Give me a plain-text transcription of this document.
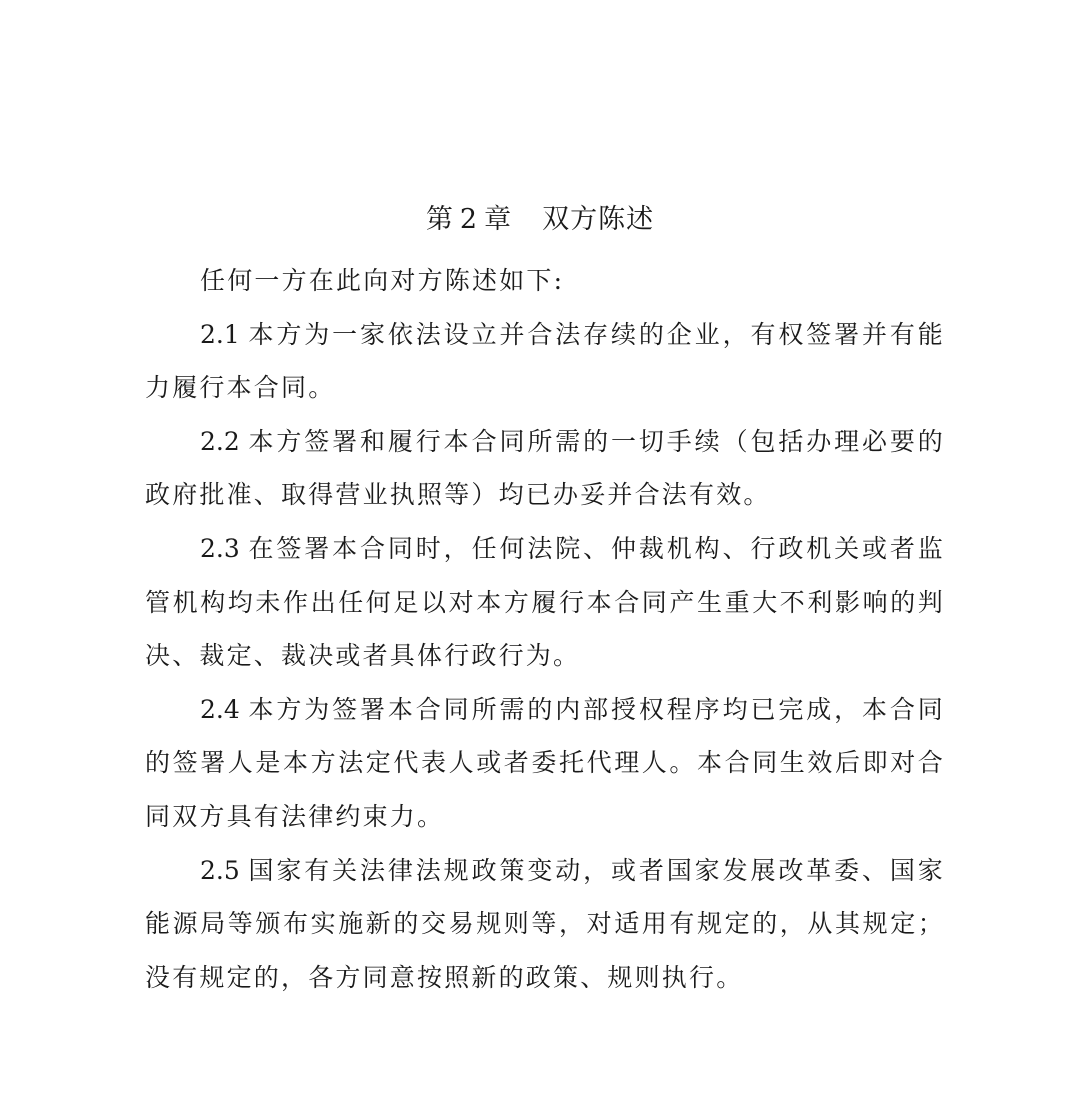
第 2 章 双方陈述

任何一方在此向对方陈述如下:

2.1 本方为一家依法设立并合法存续的企业，有权签署并有能力履行本合同。

2.2 本方签署和履行本合同所需的一切手续（包括办理必要的政府批准、取得营业执照等）均已办妥并合法有效。

2.3 在签署本合同时，任何法院、仲裁机构、行政机关或者监管机构均未作出任何足以对本方履行本合同产生重大不利影响的判决、裁定、裁决或者具体行政行为。

2.4 本方为签署本合同所需的内部授权程序均已完成，本合同的签署人是本方法定代表人或者委托代理人。本合同生效后即对合同双方具有法律约束力。

2.5 国家有关法律法规政策变动，或者国家发展改革委、国家能源局等颁布实施新的交易规则等，对适用有规定的，从其规定；没有规定的，各方同意按照新的政策、规则执行。
